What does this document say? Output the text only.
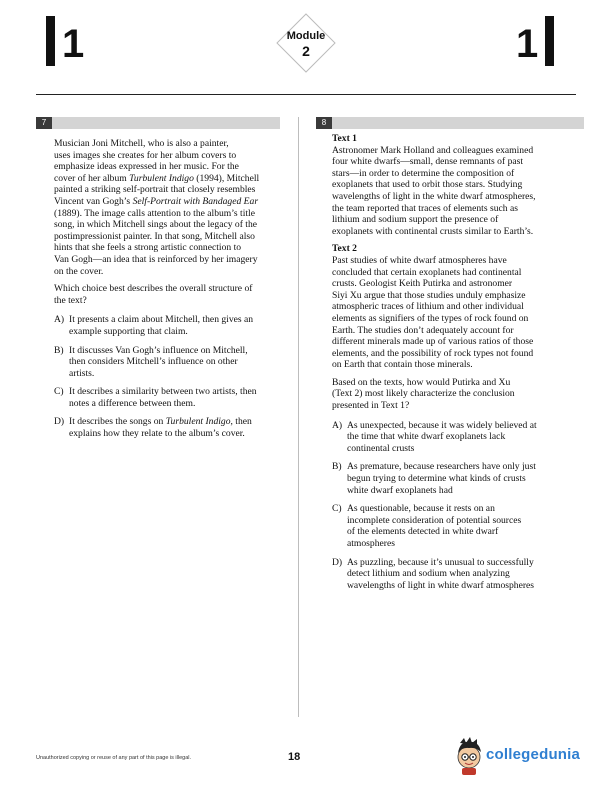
1	Module
2	1
7	8

Musician Joni Mitchell, who is also a painter,
uses images she creates for her album covers to
emphasize ideas expressed in her music. For the
cover of her album Turbulent Indigo (1994), Mitchell
painted a striking self-portrait that closely resembles
Vincent van Gogh’s Self-Portrait with Bandaged Ear
(1889). The image calls attention to the album’s title
song, in which Mitchell sings about the legacy of the
postimpressionist painter. In that song, Mitchell also
hints that she feels a strong artistic connection to
Van Gogh—an idea that is reinforced by her imagery
on the cover.

Which choice best describes the overall structure of
the text?

A) It presents a claim about Mitchell, then gives an
example supporting that claim.
B) It discusses Van Gogh’s influence on Mitchell,
then considers Mitchell’s influence on other
artists.
C) It describes a similarity between two artists, then
notes a difference between them.
D) It describes the songs on Turbulent Indigo, then
explains how they relate to the album’s cover.

Text 1

Astronomer Mark Holland and colleagues examined
four white dwarfs—small, dense remnants of past
stars—in order to determine the composition of
exoplanets that used to orbit those stars. Studying
wavelengths of light in the white dwarf atmospheres,
the team reported that traces of elements such as
lithium and sodium support the presence of
exoplanets with continental crusts similar to Earth’s.

Text 2

Past studies of white dwarf atmospheres have
concluded that certain exoplanets had continental
crusts. Geologist Keith Putirka and astronomer
Siyi Xu argue that those studies unduly emphasize
atmospheric traces of lithium and other individual
elements as signifiers of the types of rock found on
Earth. The studies don’t adequately account for
different minerals made up of various ratios of those
elements, and the possibility of rock types not found
on Earth that contain those minerals.

Based on the texts, how would Putirka and Xu
(Text 2) most likely characterize the conclusion
presented in Text 1?

A) As unexpected, because it was widely believed at
the time that white dwarf exoplanets lack
continental crusts
B) As premature, because researchers have only just
begun trying to determine what kinds of crusts
white dwarf exoplanets had
C) As questionable, because it rests on an
incomplete consideration of potential sources
of the elements detected in white dwarf
atmospheres
D) As puzzling, because it’s unusual to successfully
detect lithium and sodium when analyzing
wavelengths of light in white dwarf atmospheres
Unauthorized copying or reuse of any part of this page is illegal.	18	collegedunia
